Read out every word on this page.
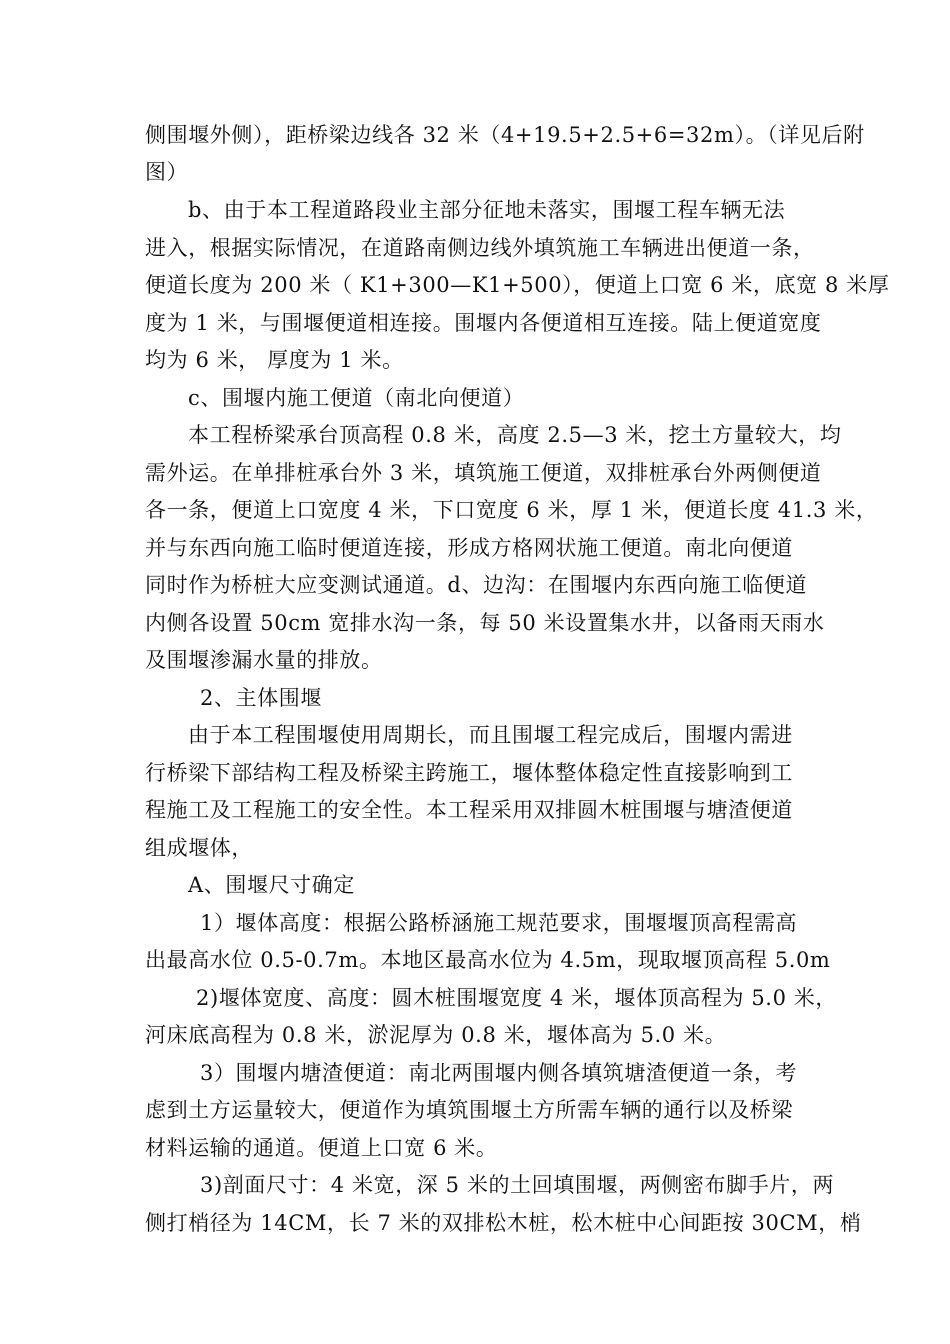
侧围堰外侧），距桥梁边线各 32 米（4+19.5+2.5+6=32m）。（详见后附
图）
b、由于本工程道路段业主部分征地未落实，围堰工程车辆无法
进入，根据实际情况，在道路南侧边线外填筑施工车辆进出便道一条，
便道长度为 200 米（ K1+300—K1+500），便道上口宽 6 米，底宽 8 米厚
度为 1 米，与围堰便道相连接。围堰内各便道相互连接。陆上便道宽度
均为 6 米， 厚度为 1 米。
c、围堰内施工便道（南北向便道）
本工程桥梁承台顶高程 0.8 米，高度 2.5—3 米，挖土方量较大，均
需外运。在单排桩承台外 3 米，填筑施工便道，双排桩承台外两侧便道
各一条，便道上口宽度 4 米，下口宽度 6 米，厚 1 米，便道长度 41.3 米，
并与东西向施工临时便道连接，形成方格网状施工便道。南北向便道
同时作为桥桩大应变测试通道。d、边沟：在围堰内东西向施工临便道
内侧各设置 50cm 宽排水沟一条，每 50 米设置集水井，以备雨天雨水
及围堰渗漏水量的排放。
2、主体围堰
由于本工程围堰使用周期长，而且围堰工程完成后，围堰内需进
行桥梁下部结构工程及桥梁主跨施工，堰体整体稳定性直接影响到工
程施工及工程施工的安全性。本工程采用双排圆木桩围堰与塘渣便道
组成堰体，
A、围堰尺寸确定
1）堰体高度：根据公路桥涵施工规范要求，围堰堰顶高程需高
出最高水位 0.5-0.7m。本地区最高水位为 4.5m，现取堰顶高程 5.0m
2)堰体宽度、高度：圆木桩围堰宽度 4 米，堰体顶高程为 5.0 米，
河床底高程为 0.8 米，淤泥厚为 0.8 米，堰体高为 5.0 米。
3）围堰内塘渣便道：南北两围堰内侧各填筑塘渣便道一条，考
虑到土方运量较大，便道作为填筑围堰土方所需车辆的通行以及桥梁
材料运输的通道。便道上口宽 6 米。
3)剖面尺寸：4 米宽，深 5 米的土回填围堰，两侧密布脚手片，两
侧打梢径为 14CM，长 7 米的双排松木桩，松木桩中心间距按 30CM，梢
